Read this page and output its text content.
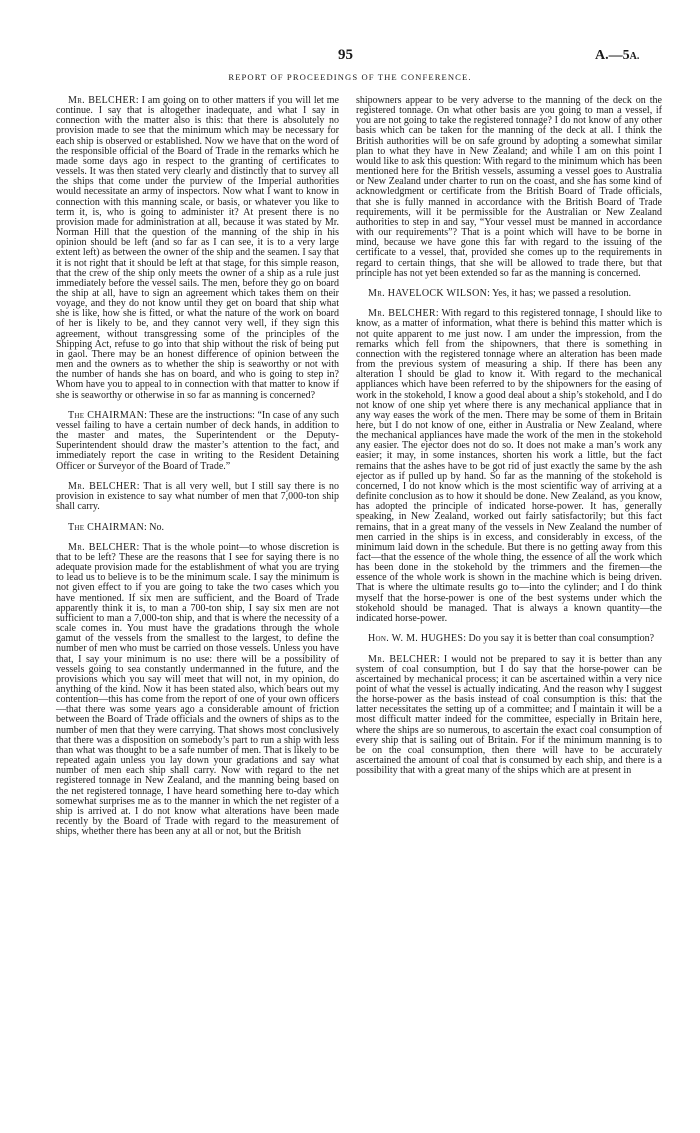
95	A.—5A.
REPORT OF PROCEEDINGS OF THE CONFERENCE.

Mr. BELCHER: I am going on to other matters if you will let me continue. I say that is altogether inadequate, and what I say in connection with the matter also is this: that there is absolutely no provision made to see that the minimum which may be necessary for each ship is observed or established. Now we have that on the word of the responsible official of the Board of Trade in the remarks which he made some days ago in respect to the granting of certificates to vessels. It was then stated very clearly and distinctly that to survey all the ships that come under the purview of the Imperial authorities would necessitate an army of inspectors. Now what I want to know in connection with this manning scale, or basis, or whatever you like to term it, is, who is going to administer it? At present there is no provision made for administration at all, because it was stated by Mr. Norman Hill that the question of the manning of the ship in his opinion should be left (and so far as I can see, it is to a very large extent left) as between the owner of the ship and the seamen. I say that it is not right that it should be left at that stage, for this simple reason, that the crew of the ship only meets the owner of a ship as a rule just immediately before the vessel sails. The men, before they go on board the ship at all, have to sign an agreement which takes them on their voyage, and they do not know until they get on board that ship what she is like, how she is fitted, or what the nature of the work on board of her is likely to be, and they cannot very well, if they sign this agreement, without transgressing some of the principles of the Shipping Act, refuse to go into that ship without the risk of being put in gaol. There may be an honest difference of opinion between the men and the owners as to whether the ship is seaworthy or not with the number of hands she has on board, and who is going to step in? Whom have you to appeal to in connection with that matter to know if she is seaworthy or otherwise in so far as manning is concerned?

The CHAIRMAN: These are the instructions: “In case of any such vessel failing to have a certain number of deck hands, in addition to the master and mates, the Superintendent or the Deputy-Superintendent should draw the master’s attention to the fact, and immediately report the case in writing to the Resident Detaining Officer or Surveyor of the Board of Trade.”

Mr. BELCHER: That is all very well, but I still say there is no provision in existence to say what number of men that 7,000-ton ship shall carry.

The CHAIRMAN: No.

Mr. BELCHER: That is the whole point—to whose discretion is that to be left? These are the reasons that I see for saying there is no adequate provision made for the establishment of what you are trying to lead us to believe is to be the minimum scale. I say the minimum is not given effect to if you are going to take the two cases which you have mentioned. If six men are sufficient, and the Board of Trade apparently think it is, to man a 700-ton ship, I say six men are not sufficient to man a 7,000-ton ship, and that is where the necessity of a scale comes in. You must have the gradations through the whole gamut of the vessels from the smallest to the largest, to define the number of men who must be carried on those vessels. Unless you have that, I say your minimum is no use: there will be a possibility of vessels going to sea constantly undermanned in the future, and the provisions which you say will meet that will not, in my opinion, do anything of the kind. Now it has been stated also, which bears out my contention—this has come from the report of one of your own officers—that there was some years ago a considerable amount of friction between the Board of Trade officials and the owners of ships as to the number of men that they were carrying. That shows most conclusively that there was a disposition on somebody’s part to run a ship with less than what was thought to be a safe number of men. That is likely to be repeated again unless you lay down your gradations and say what number of men each ship shall carry. Now with regard to the net registered tonnage in New Zealand, and the manning being based on the net registered tonnage, I have heard something here to-day which somewhat surprises me as to the manner in which the net register of a ship is arrived at. I do not know what alterations have been made recently by the Board of Trade with regard to the measurement of ships, whether there has been any at all or not, but the British

shipowners appear to be very adverse to the manning of the deck on the registered tonnage. On what other basis are you going to man a vessel, if you are not going to take the registered tonnage? I do not know of any other basis which can be taken for the manning of the deck at all. I think the British authorities will be on safe ground by adopting a somewhat similar plan to what they have in New Zealand; and while I am on this point I would like to ask this question: With regard to the minimum which has been mentioned here for the British vessels, assuming a vessel goes to Australia or New Zealand under charter to run on the coast, and she has some kind of acknowledgment or certificate from the British Board of Trade officials, that she is fully manned in accordance with the British Board of Trade requirements, will it be permissible for the Australian or New Zealand authorities to step in and say, “Your vessel must be manned in accordance with our requirements”? That is a point which will have to be borne in mind, because we have gone this far with regard to the issuing of the certificate to a vessel, that, provided she comes up to the requirements in regard to certain things, that she will be allowed to trade there, but that principle has not yet been extended so far as the manning is concerned.

Mr. HAVELOCK WILSON: Yes, it has; we passed a resolution.

Mr. BELCHER: With regard to this registered tonnage, I should like to know, as a matter of information, what there is behind this matter which is not quite apparent to me just now. I am under the impression, from the remarks which fell from the shipowners, that there is something in connection with the registered tonnage where an alteration has been made from the previous system of measuring a ship. If there has been any alteration I should be glad to know it. With regard to the mechanical appliances which have been referred to by the shipowners for the easing of work in the stokehold, I know a good deal about a ship’s stokehold, and I do not know of one ship yet where there is any mechanical appliance that in any way eases the work of the men. There may be some of them in Britain here, but I do not know of one, either in Australia or New Zealand, where the mechanical appliances have made the work of the men in the stokehold any easier. The ejector does not do so. It does not make a man’s work any easier; it may, in some instances, shorten his work a little, but the fact remains that the ashes have to be got rid of just exactly the same by the ash ejector as if pulled up by hand. So far as the manning of the stokehold is concerned, I do not know which is the most scientific way of arriving at a definite conclusion as to how it should be done. New Zealand, as you know, has adopted the principle of indicated horse-power. It has, generally speaking, in New Zealand, worked out fairly satisfactorily; but this fact remains, that in a great many of the vessels in New Zealand the number of men carried in the ships is in excess, and considerably in excess, of the minimum laid down in the schedule. But there is no getting away from this fact—that the essence of the whole thing, the essence of all the work which has been done in the stokehold by the trimmers and the firemen—the essence of the whole work is shown in the machine which is being driven. That is where the ultimate results go to—into the cylinder; and I do think myself that the horse-power is one of the best systems under which the stokehold should be managed. That is always a known quantity—the indicated horse-power.

Hon. W. M. HUGHES: Do you say it is better than coal consumption?

Mr. BELCHER: I would not be prepared to say it is better than any system of coal consumption, but I do say that the horse-power can be ascertained by mechanical process; it can be ascertained within a very nice point of what the vessel is actually indicating. And the reason why I suggest the horse-power as the basis instead of coal consumption is this: that the latter necessitates the setting up of a committee; and I maintain it will be a most difficult matter indeed for the committee, especially in Britain here, where the ships are so numerous, to ascertain the exact coal consumption of every ship that is sailing out of Britain. For if the minimum manning is to be on the coal consumption, then there will have to be accurately ascertained the amount of coal that is consumed by each ship, and there is a possibility that with a great many of the ships which are at present in
